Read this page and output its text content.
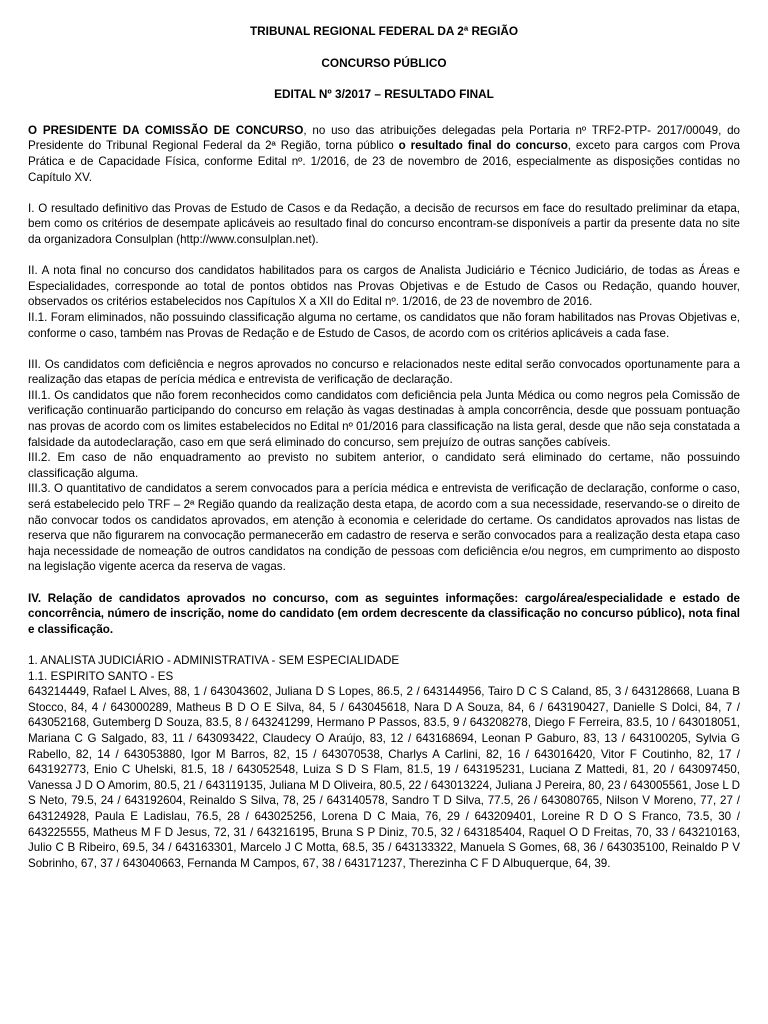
TRIBUNAL REGIONAL FEDERAL DA 2ª REGIÃO
CONCURSO PÚBLICO
EDITAL Nº 3/2017 – RESULTADO FINAL

O PRESIDENTE DA COMISSÃO DE CONCURSO, no uso das atribuições delegadas pela Portaria nº TRF2-PTP- 2017/00049, do Presidente do Tribunal Regional Federal da 2ª Região, torna público o resultado final do concurso, exceto para cargos com Prova Prática e de Capacidade Física, conforme Edital nº. 1/2016, de 23 de novembro de 2016, especialmente as disposições contidas no Capítulo XV.

I. O resultado definitivo das Provas de Estudo de Casos e da Redação, a decisão de recursos em face do resultado preliminar da etapa, bem como os critérios de desempate aplicáveis ao resultado final do concurso encontram-se disponíveis a partir da presente data no site da organizadora Consulplan (http://www.consulplan.net).

II. A nota final no concurso dos candidatos habilitados para os cargos de Analista Judiciário e Técnico Judiciário, de todas as Áreas e Especialidades, corresponde ao total de pontos obtidos nas Provas Objetivas e de Estudo de Casos ou Redação, quando houver, observados os critérios estabelecidos nos Capítulos X a XII do Edital nº. 1/2016, de 23 de novembro de 2016.

II.1. Foram eliminados, não possuindo classificação alguma no certame, os candidatos que não foram habilitados nas Provas Objetivas e, conforme o caso, também nas Provas de Redação e de Estudo de Casos, de acordo com os critérios aplicáveis a cada fase.

III. Os candidatos com deficiência e negros aprovados no concurso e relacionados neste edital serão convocados oportunamente para a realização das etapas de perícia médica e entrevista de verificação de declaração.

III.1. Os candidatos que não forem reconhecidos como candidatos com deficiência pela Junta Médica ou como negros pela Comissão de verificação continuarão participando do concurso em relação às vagas destinadas à ampla concorrência, desde que possuam pontuação nas provas de acordo com os limites estabelecidos no Edital nº 01/2016 para classificação na lista geral, desde que não seja constatada a falsidade da autodeclaração, caso em que será eliminado do concurso, sem prejuízo de outras sanções cabíveis.

III.2. Em caso de não enquadramento ao previsto no subitem anterior, o candidato será eliminado do certame, não possuindo classificação alguma.

III.3. O quantitativo de candidatos a serem convocados para a perícia médica e entrevista de verificação de declaração, conforme o caso, será estabelecido pelo TRF – 2ª Região quando da realização desta etapa, de acordo com a sua necessidade, reservando-se o direito de não convocar todos os candidatos aprovados, em atenção à economia e celeridade do certame. Os candidatos aprovados nas listas de reserva que não figurarem na convocação permanecerão em cadastro de reserva e serão convocados para a realização desta etapa caso haja necessidade de nomeação de outros candidatos na condição de pessoas com deficiência e/ou negros, em cumprimento ao disposto na legislação vigente acerca da reserva de vagas.

IV. Relação de candidatos aprovados no concurso, com as seguintes informações: cargo/área/especialidade e estado de concorrência, número de inscrição, nome do candidato (em ordem decrescente da classificação no concurso público), nota final e classificação.

1. ANALISTA JUDICIÁRIO - ADMINISTRATIVA - SEM ESPECIALIDADE

1.1. ESPIRITO SANTO - ES

643214449, Rafael L Alves, 88, 1 / 643043602, Juliana D S Lopes, 86.5, 2 / 643144956, Tairo D C S Caland, 85, 3 / 643128668, Luana B Stocco, 84, 4 / 643000289, Matheus B D O E Silva, 84, 5 / 643045618, Nara D A Souza, 84, 6 / 643190427, Danielle S Dolci, 84, 7 / 643052168, Gutemberg D Souza, 83.5, 8 / 643241299, Hermano P Passos, 83.5, 9 / 643208278, Diego F Ferreira, 83.5, 10 / 643018051, Mariana C G Salgado, 83, 11 / 643093422, Claudecy O Araújo, 83, 12 / 643168694, Leonan P Gaburo, 83, 13 / 643100205, Sylvia G Rabello, 82, 14 / 643053880, Igor M Barros, 82, 15 / 643070538, Charlys A Carlini, 82, 16 / 643016420, Vitor F Coutinho, 82, 17 / 643192773, Enio C Uhelski, 81.5, 18 / 643052548, Luiza S D S Flam, 81.5, 19 / 643195231, Luciana Z Mattedi, 81, 20 / 643097450, Vanessa J D O Amorim, 80.5, 21 / 643119135, Juliana M D Oliveira, 80.5, 22 / 643013224, Juliana J Pereira, 80, 23 / 643005561, Jose L D S Neto, 79.5, 24 / 643192604, Reinaldo S Silva, 78, 25 / 643140578, Sandro T D Silva, 77.5, 26 / 643080765, Nilson V Moreno, 77, 27 / 643124928, Paula E Ladislau, 76.5, 28 / 643025256, Lorena D C Maia, 76, 29 / 643209401, Loreine R D O S Franco, 73.5, 30 / 643225555, Matheus M F D Jesus, 72, 31 / 643216195, Bruna S P Diniz, 70.5, 32 / 643185404, Raquel O D Freitas, 70, 33 / 643210163, Julio C B Ribeiro, 69.5, 34 / 643163301, Marcelo J C Motta, 68.5, 35 / 643133322, Manuela S Gomes, 68, 36 / 643035100, Reinaldo P V Sobrinho, 67, 37 / 643040663, Fernanda M Campos, 67, 38 / 643171237, Therezinha C F D Albuquerque, 64, 39.
